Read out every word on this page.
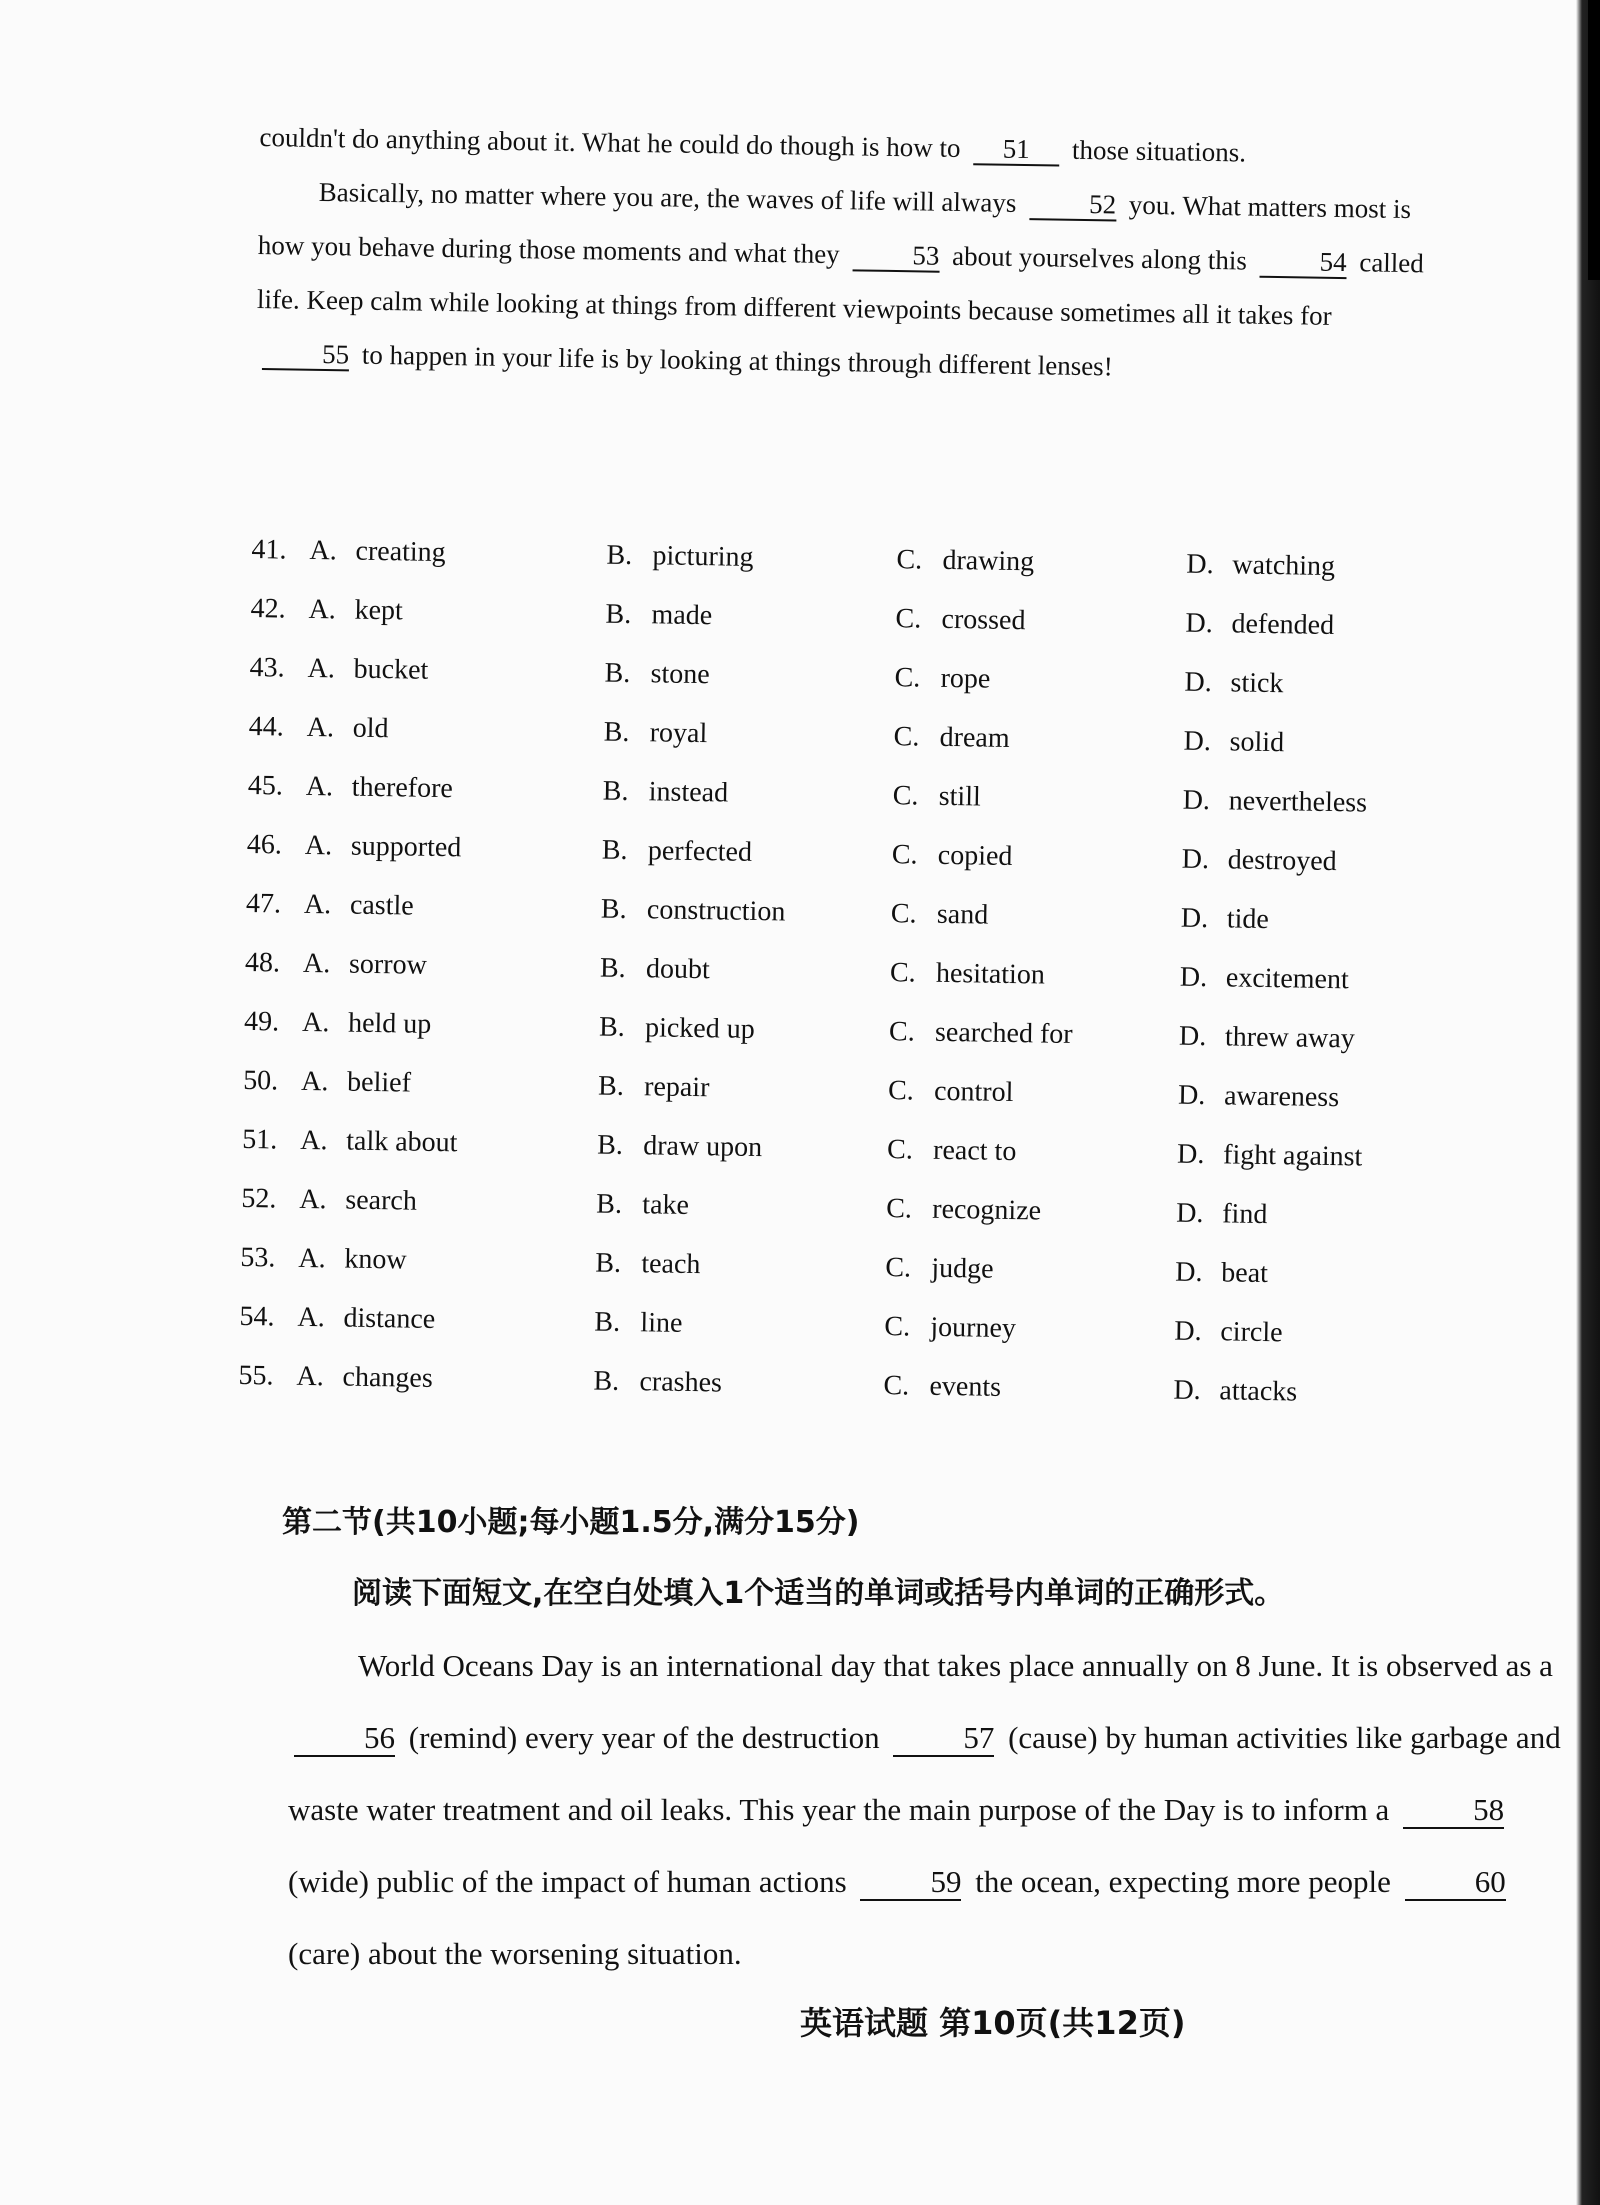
couldn't do anything about it. What he could do though is how to 51 those situations.

Basically, no matter where you are, the waves of life will always	52 you. What matters most is how you behave during those moments and what they	53 about yourselves along this	54 called life. Keep calm while looking at things from different viewpoints because sometimes all it takes for 55 to happen in your life is by looking at things through different lenses!

41. A. creating	B. picturing	C. drawing	D. watching
42. A. kept	B. made	C. crossed	D. defended
43. A. bucket	B. stone	C. rope	D. stick
44. A. old	B. royal	C. dream	D. solid
45. A. therefore	B. instead	C. still	D. nevertheless
46. A. supported	B. perfected	C. copied	D. destroyed
47. A. castle	B. construction	C. sand	D. tide
48. A. sorrow	B. doubt	C. hesitation	D. excitement
49. A. held up	B. picked up	C. searched for	D. threw away
50. A. belief	B. repair	C. control	D. awareness
51. A. talk about	B. draw upon	C. react to	D. fight against
52. A. search	B. take	C. recognize	D. find
53. A. know	B. teach	C. judge	D. beat
54. A. distance	B. line	C. journey	D. circle
55. A. changes	B. crashes	C. events	D. attacks
第二节(共10小题;每小题1.5分,满分15分)
阅读下面短文,在空白处填入1个适当的单词或括号内单词的正确形式。

World Oceans Day is an international day that takes place annually on 8 June. It is observed as a 56 (remind) every year of the destruction	57 (cause) by human activities like garbage and waste water treatment and oil leaks. This year the main purpose of the Day is to inform a	58 (wide) public of the impact of human actions	59 the ocean, expecting more people	60 (care) about the worsening situation.

英语试题 第10页(共12页)
